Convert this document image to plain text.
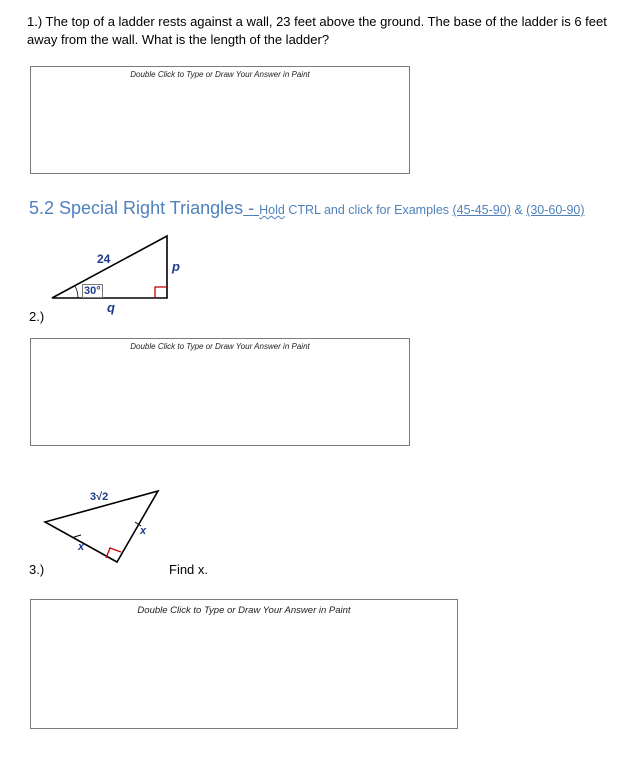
1.) The top of a ladder rests against a wall, 23 feet above the ground. The base of the ladder is 6 feet
away from the wall. What is the length of the ladder?
Double Click to Type or Draw Your Answer in Paint
5.2 Special Right Triangles - Hold CTRL and click for Examples (45-45-90) & (30-60-90)
24
30°
p
q
2.)
Double Click to Type or Draw Your Answer in Paint
3√2
x
x
3.)	Find x.
Double Click to Type or Draw Your Answer in Paint
